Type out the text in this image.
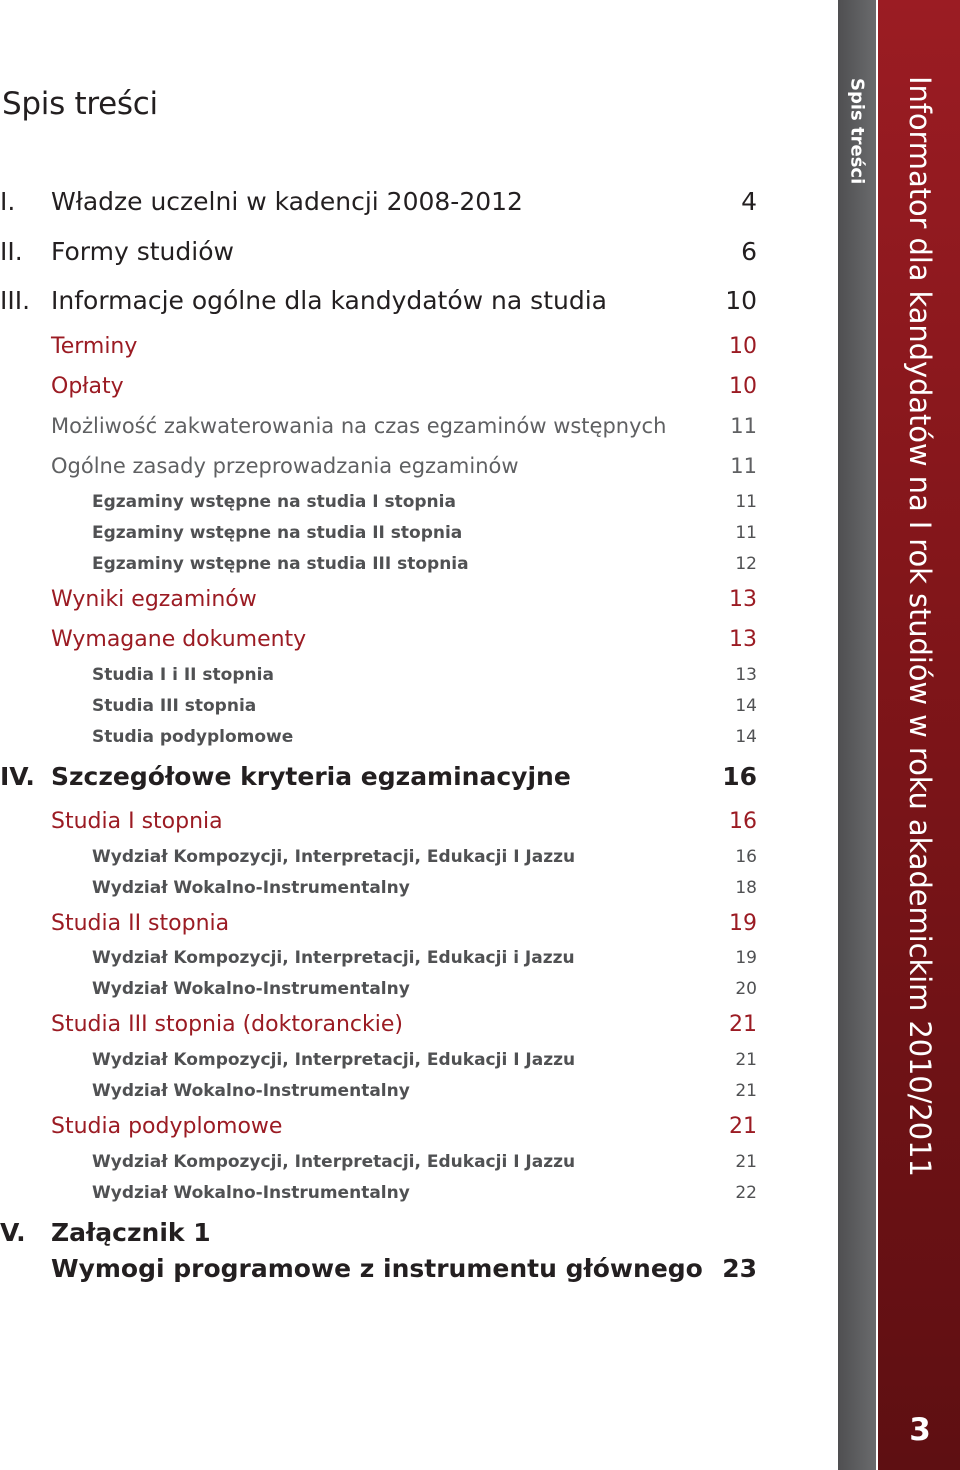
Spis treści
I. Władze uczelni w kadencji 2008-2012	4
II. Formy studiów	6
III. Informacje ogólne dla kandydatów na studia	10
Terminy	10
Opłaty	10
Możliwość zakwaterowania na czas egzaminów wstępnych	11
Ogólne zasady przeprowadzania egzaminów	11
Egzaminy wstępne na studia I stopnia	11
Egzaminy wstępne na studia II stopnia	11
Egzaminy wstępne na studia III stopnia	12
Wyniki egzaminów	13
Wymagane dokumenty	13
Studia I i II stopnia	13
Studia III stopnia	14
Studia podyplomowe	14
IV. Szczegółowe kryteria egzaminacyjne	16
Studia I stopnia	16
Wydział Kompozycji, Interpretacji, Edukacji I Jazzu	16
Wydział Wokalno-Instrumentalny	18
Studia II stopnia	19
Wydział Kompozycji, Interpretacji, Edukacji i Jazzu	19
Wydział Wokalno-Instrumentalny	20
Studia III stopnia (doktoranckie)	21
Wydział Kompozycji, Interpretacji, Edukacji I Jazzu	21
Wydział Wokalno-Instrumentalny	21
Studia podyplomowe	21
Wydział Kompozycji, Interpretacji, Edukacji I Jazzu	21
Wydział Wokalno-Instrumentalny	22
V. Załącznik 1
Wymogi programowe z instrumentu głównego 23
Spis treści Informator dla kandydatów na I rok studiów w roku akademickim 2010/2011
3
